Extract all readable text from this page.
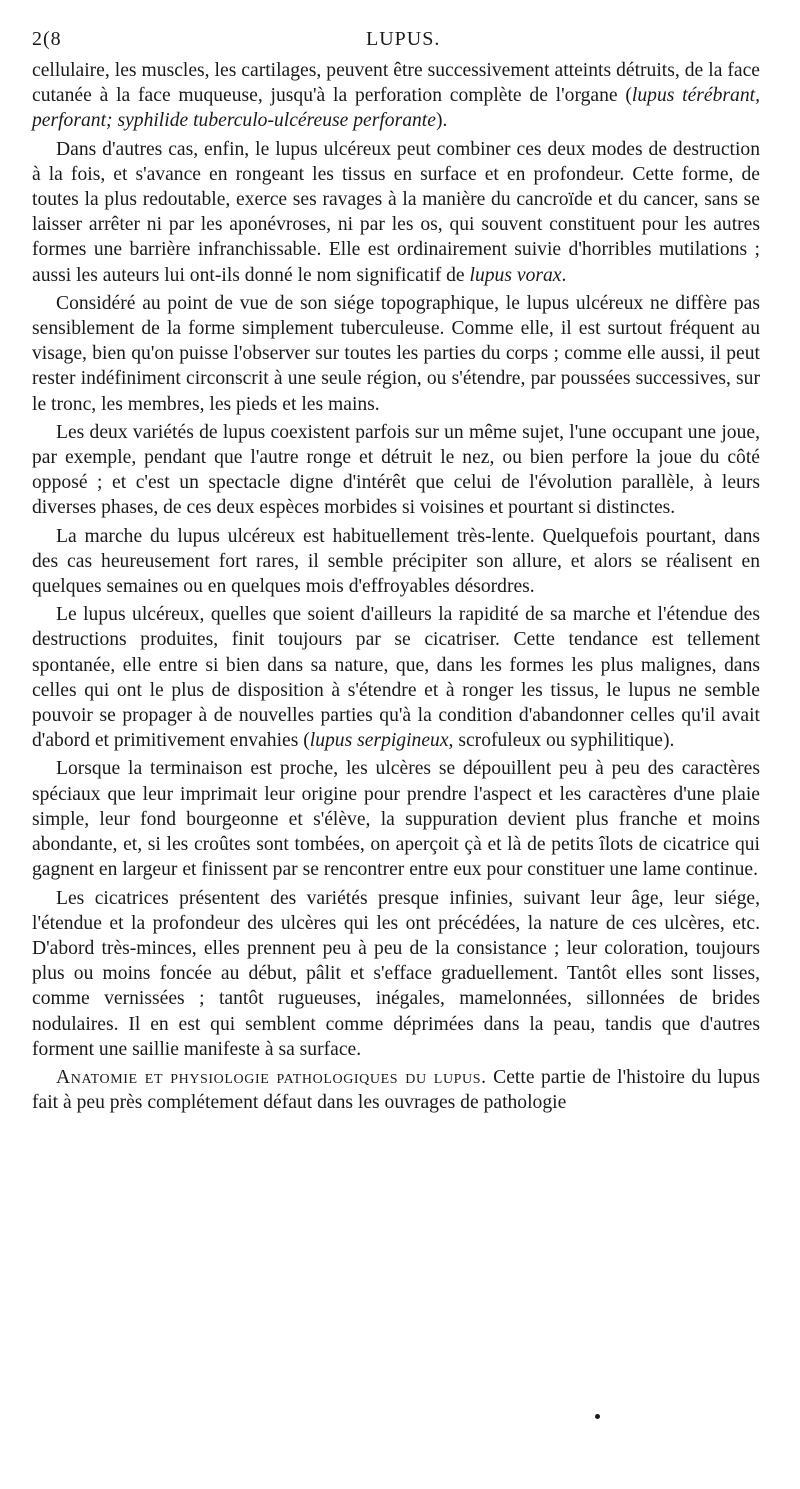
2(8	LUPUS.

cellulaire, les muscles, les cartilages, peuvent être successivement atteints détruits, de la face cutanée à la face muqueuse, jusqu'à la perforation complète de l'organe (lupus térébrant, perforant; syphilide tuberculo-ulcéreuse perforante).

Dans d'autres cas, enfin, le lupus ulcéreux peut combiner ces deux modes de destruction à la fois, et s'avance en rongeant les tissus en surface et en profondeur. Cette forme, de toutes la plus redoutable, exerce ses ravages à la manière du cancroïde et du cancer, sans se laisser arrêter ni par les aponévroses, ni par les os, qui souvent constituent pour les autres formes une barrière infranchissable. Elle est ordinairement suivie d'horribles mutilations ; aussi les auteurs lui ont-ils donné le nom significatif de lupus vorax.

Considéré au point de vue de son siége topographique, le lupus ulcéreux ne diffère pas sensiblement de la forme simplement tuberculeuse. Comme elle, il est surtout fréquent au visage, bien qu'on puisse l'observer sur toutes les parties du corps ; comme elle aussi, il peut rester indéfiniment circonscrit à une seule région, ou s'étendre, par poussées successives, sur le tronc, les membres, les pieds et les mains.

Les deux variétés de lupus coexistent parfois sur un même sujet, l'une occupant une joue, par exemple, pendant que l'autre ronge et détruit le nez, ou bien perfore la joue du côté opposé ; et c'est un spectacle digne d'intérêt que celui de l'évolution parallèle, à leurs diverses phases, de ces deux espèces morbides si voisines et pourtant si distinctes.

La marche du lupus ulcéreux est habituellement très-lente. Quelquefois pourtant, dans des cas heureusement fort rares, il semble précipiter son allure, et alors se réalisent en quelques semaines ou en quelques mois d'effroyables désordres.

Le lupus ulcéreux, quelles que soient d'ailleurs la rapidité de sa marche et l'étendue des destructions produites, finit toujours par se cicatriser. Cette tendance est tellement spontanée, elle entre si bien dans sa nature, que, dans les formes les plus malignes, dans celles qui ont le plus de disposition à s'étendre et à ronger les tissus, le lupus ne semble pouvoir se propager à de nouvelles parties qu'à la condition d'abandonner celles qu'il avait d'abord et primitivement envahies (lupus serpigineux, scrofuleux ou syphilitique).

Lorsque la terminaison est proche, les ulcères se dépouillent peu à peu des caractères spéciaux que leur imprimait leur origine pour prendre l'aspect et les caractères d'une plaie simple, leur fond bourgeonne et s'élève, la suppuration devient plus franche et moins abondante, et, si les croûtes sont tombées, on aperçoit çà et là de petits îlots de cicatrice qui gagnent en largeur et finissent par se rencontrer entre eux pour constituer une lame continue.

Les cicatrices présentent des variétés presque infinies, suivant leur âge, leur siége, l'étendue et la profondeur des ulcères qui les ont précédées, la nature de ces ulcères, etc. D'abord très-minces, elles prennent peu à peu de la consistance ; leur coloration, toujours plus ou moins foncée au début, pâlit et s'efface graduellement. Tantôt elles sont lisses, comme vernissées ; tantôt rugueuses, inégales, mamelonnées, sillonnées de brides nodulaires. Il en est qui semblent comme déprimées dans la peau, tandis que d'autres forment une saillie manifeste à sa surface.

Anatomie et physiologie pathologiques du lupus. Cette partie de l'histoire du lupus fait à peu près complétement défaut dans les ouvrages de pathologie
